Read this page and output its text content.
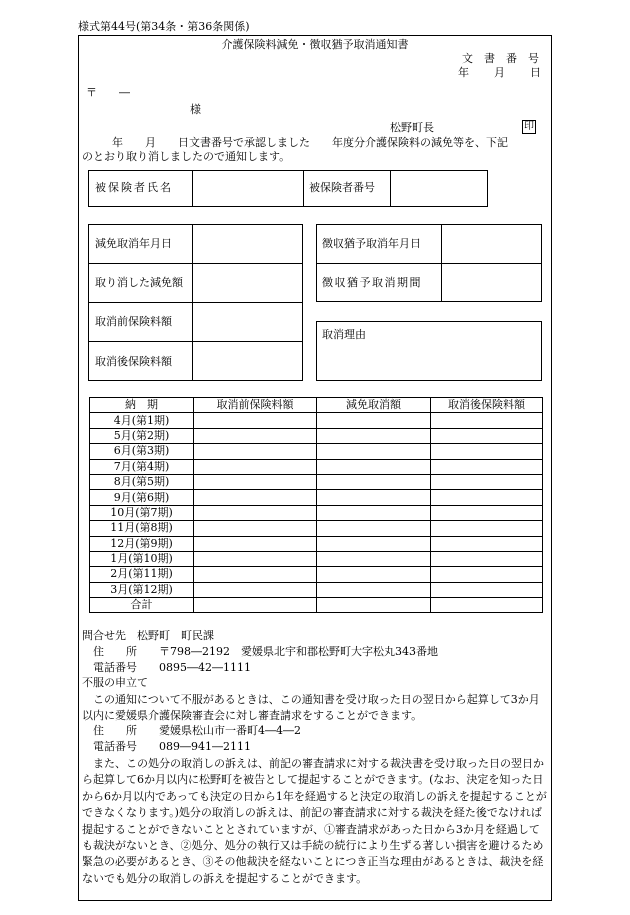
様式第44号(第34条・第36条関係)
介護保険料減免・徴収猶予取消通知書
文　書　番　号
年　　月　　日
〒　　―
様
松野町長	印
　　年　　月　　日文書番号で承認しました　　年度分介護保険料の減免等を、下記
のとおり取り消しましたので通知します。
被保険者氏名	被保険者番号
減免取消年月日
取り消した減免額
取消前保険料額
取消後保険料額
徴収猶予取消年月日
徴収猶予取消期間
取消理由
納　期	取消前保険料額	減免取消額	取消後保険料額
4月(第1期)			
5月(第2期)			
6月(第3期)			
7月(第4期)			
8月(第5期)			
9月(第6期)			
10月(第7期)			
11月(第8期)			
12月(第9期)			
1月(第10期)			
2月(第11期)			
3月(第12期)			
合計			
問合せ先　松野町　町民課
　住　　所　　〒798―2192　愛媛県北宇和郡松野町大字松丸343番地
　電話番号　　0895―42―1111
不服の申立て
　この通知について不服があるときは、この通知書を受け取った日の翌日から起算して3か月以内に愛媛県介護保険審査会に対し審査請求をすることができます。
　住　　所　　愛媛県松山市一番町4―4―2
　電話番号　　089―941―2111
　また、この処分の取消しの訴えは、前記の審査請求に対する裁決書を受け取った日の翌日から起算して6か月以内に松野町を被告として提起することができます。(なお、決定を知った日から6か月以内であっても決定の日から1年を経過すると決定の取消しの訴えを提起することができなくなります。)処分の取消しの訴えは、前記の審査請求に対する裁決を経た後でなければ提起することができないこととされていますが、①審査請求があった日から3か月を経過しても裁決がないとき、②処分、処分の執行又は手続の続行により生ずる著しい損害を避けるため緊急の必要があるとき、③その他裁決を経ないことにつき正当な理由があるときは、裁決を経ないでも処分の取消しの訴えを提起することができます。
